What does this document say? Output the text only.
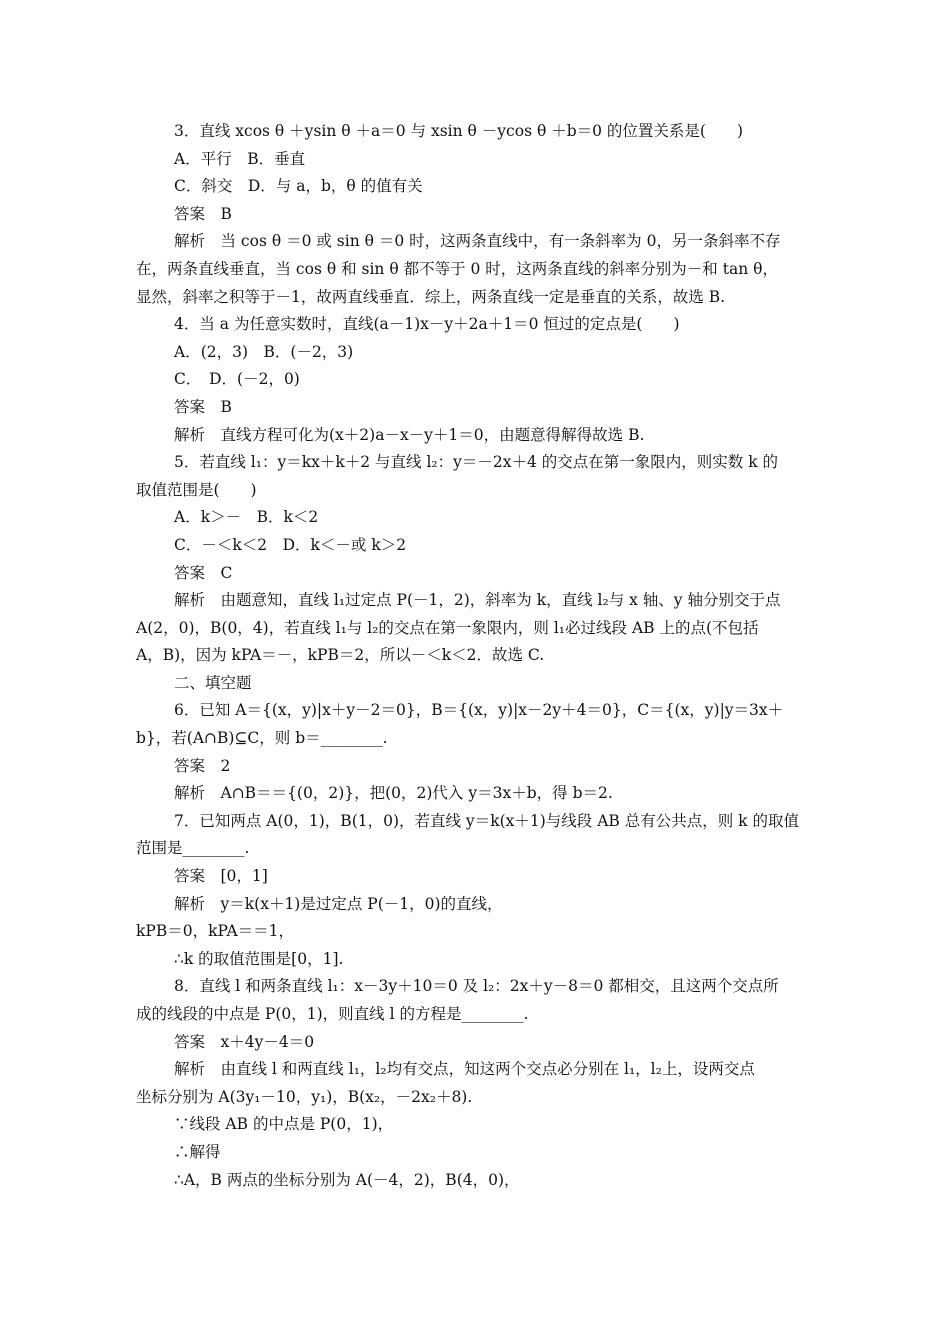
3．直线 xcos θ ＋ysin θ ＋a＝0 与 xsin θ －ycos θ ＋b＝0 的位置关系是(　　)
A．平行　B．垂直
C．斜交　D．与 a，b，θ 的值有关
答案　B
解析　当 cos θ ＝0 或 sin θ ＝0 时，这两条直线中，有一条斜率为 0，另一条斜率不存
在，两条直线垂直，当 cos θ 和 sin θ 都不等于 0 时，这两条直线的斜率分别为－和 tan θ，
显然，斜率之积等于－1，故两直线垂直．综上，两条直线一定是垂直的关系，故选 B.
4．当 a 为任意实数时，直线(a－1)x－y＋2a＋1＝0 恒过的定点是(　　)
A．(2，3)　B．(－2，3)
C．　D．(－2，0)
答案　B
解析　直线方程可化为(x＋2)a－x－y＋1＝0，由题意得解得故选 B.
5．若直线 l₁：y＝kx＋k＋2 与直线 l₂：y＝－2x＋4 的交点在第一象限内，则实数 k 的
取值范围是(　　)
A．k＞－　B．k＜2
C．－＜k＜2　D．k＜－或 k＞2
答案　C
解析　由题意知，直线 l₁过定点 P(－1，2)，斜率为 k，直线 l₂与 x 轴、y 轴分别交于点
A(2，0)，B(0，4)，若直线 l₁与 l₂的交点在第一象限内，则 l₁必过线段 AB 上的点(不包括
A，B)，因为 kPA＝－，kPB＝2，所以－＜k＜2．故选 C.
二、填空题
6．已知 A＝{(x，y)|x＋y－2＝0}，B＝{(x，y)|x－2y＋4＝0}，C＝{(x，y)|y＝3x＋
b}，若(A∩B)⊆C，则 b＝________.
答案　2
解析　A∩B＝＝{(0，2)}，把(0，2)代入 y＝3x＋b，得 b＝2.
7．已知两点 A(0，1)，B(1，0)，若直线 y＝k(x＋1)与线段 AB 总有公共点，则 k 的取值
范围是________.
答案　[0，1]
解析　y＝k(x＋1)是过定点 P(－1，0)的直线，
kPB＝0，kPA＝＝1，
∴k 的取值范围是[0，1].
8．直线 l 和两条直线 l₁：x－3y＋10＝0 及 l₂：2x＋y－8＝0 都相交，且这两个交点所
成的线段的中点是 P(0，1)，则直线 l 的方程是________.
答案　x＋4y－4＝0
解析　由直线 l 和两直线 l₁，l₂均有交点，知这两个交点必分别在 l₁，l₂上，设两交点
坐标分别为 A(3y₁－10，y₁)，B(x₂，－2x₂＋8).
∵线段 AB 的中点是 P(0，1)，
∴解得
∴A，B 两点的坐标分别为 A(－4，2)，B(4，0)，
